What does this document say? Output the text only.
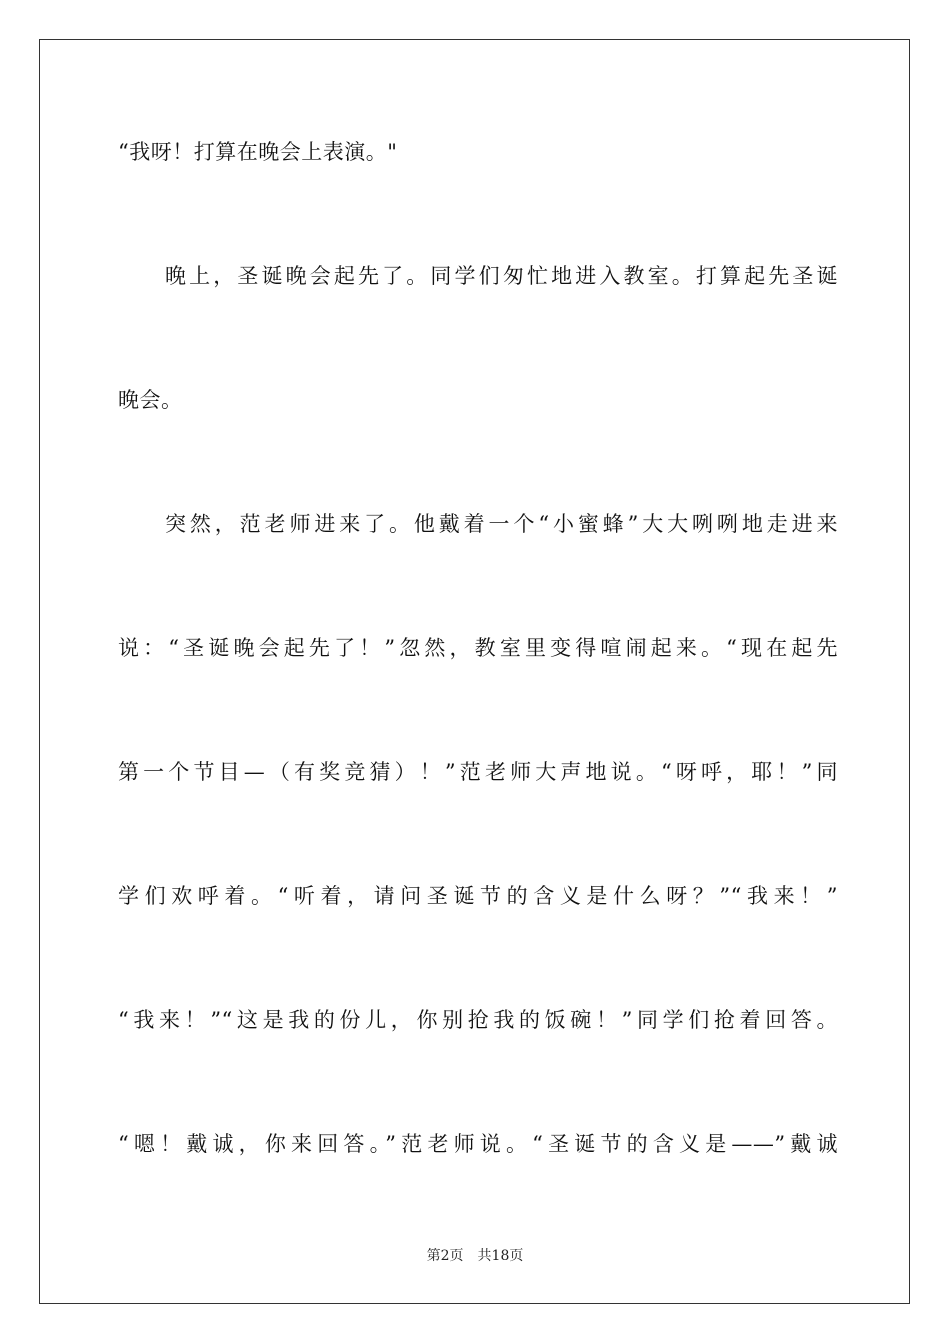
“我呀！打算在晚会上表演。"
晚上，圣诞晚会起先了。同学们匆忙地进入教室。打算起先圣诞
晚会。
突然，范老师进来了。他戴着一个“小蜜蜂”大大咧咧地走进来
说：“圣诞晚会起先了！”忽然，教室里变得喧闹起来。“现在起先
第一个节目—（有奖竞猜）！”范老师大声地说。“呀呼，耶！”同
学们欢呼着。“听着，请问圣诞节的含义是什么呀？”“我来！”
“我来！”“这是我的份儿，你别抢我的饭碗！”同学们抢着回答。
“嗯！戴诚，你来回答。”范老师说。“圣诞节的含义是——”戴诚
第2页　共18页
